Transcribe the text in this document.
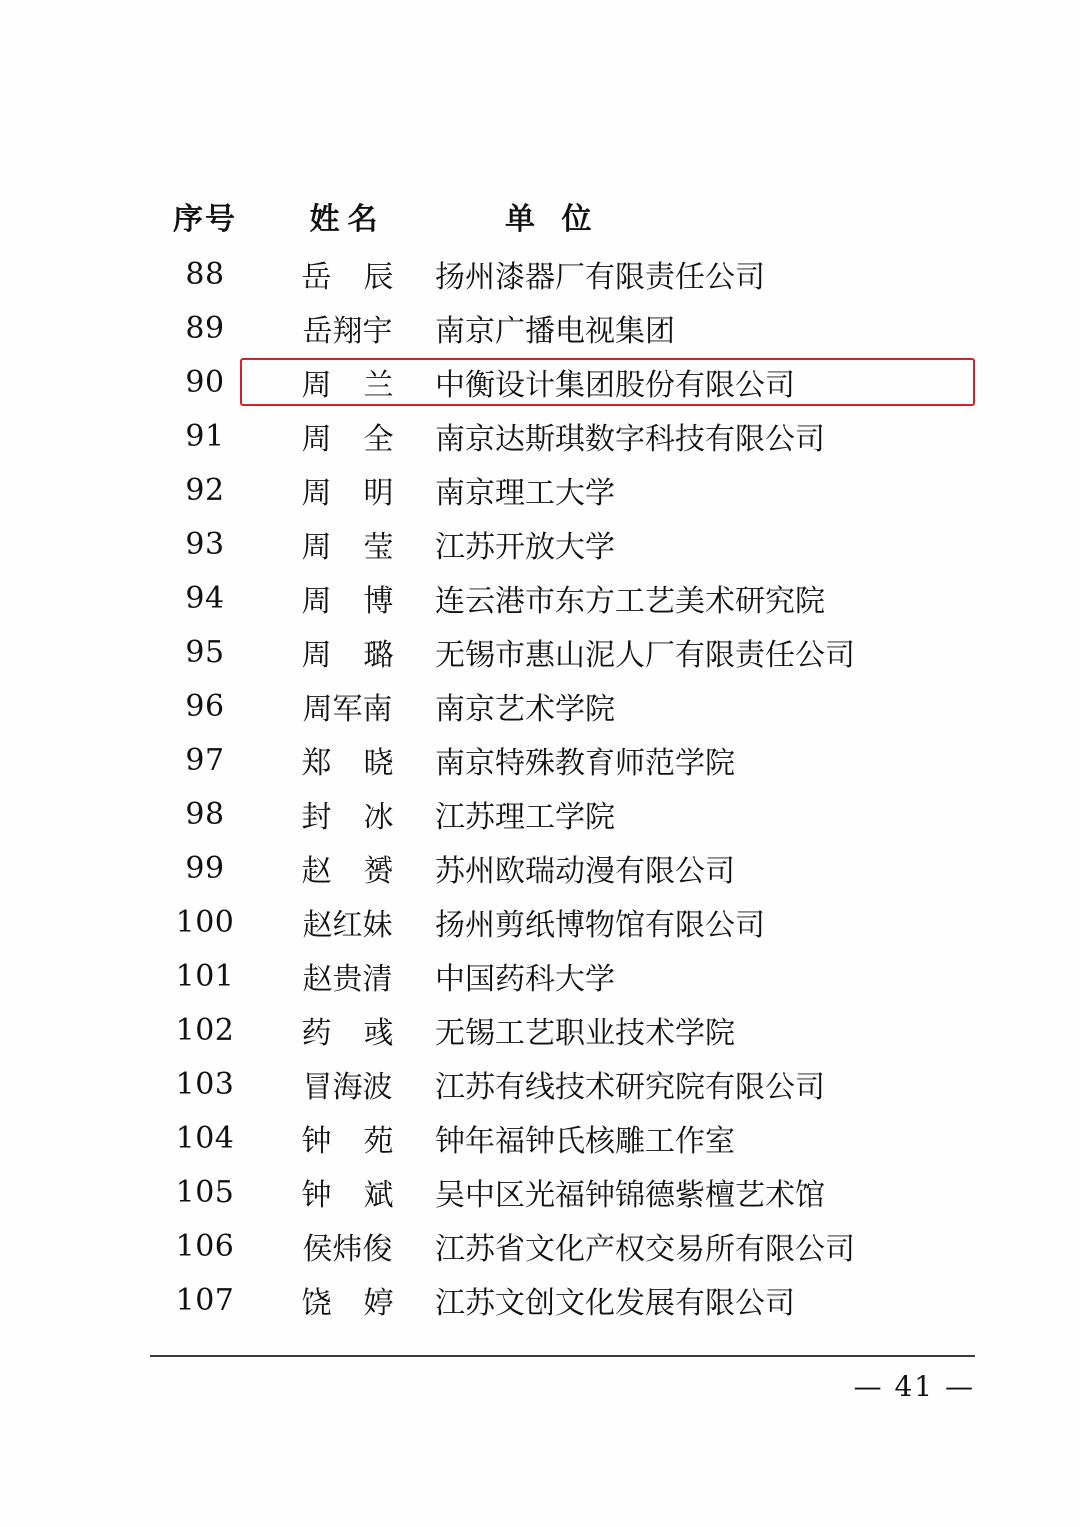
序号	姓名	单 位
88	岳辰	扬州漆器厂有限责任公司
89	岳翔宇	南京广播电视集团
90	周兰	中衡设计集团股份有限公司
91	周全	南京达斯琪数字科技有限公司
92	周明	南京理工大学
93	周莹	江苏开放大学
94	周博	连云港市东方工艺美术研究院
95	周璐	无锡市惠山泥人厂有限责任公司
96	周军南	南京艺术学院
97	郑晓	南京特殊教育师范学院
98	封冰	江苏理工学院
99	赵赟	苏州欧瑞动漫有限公司
100	赵红妹	扬州剪纸博物馆有限公司
101	赵贵清	中国药科大学
102	药彧	无锡工艺职业技术学院
103	冒海波	江苏有线技术研究院有限公司
104	钟苑	钟年福钟氏核雕工作室
105	钟斌	吴中区光福钟锦德紫檀艺术馆
106	侯炜俊	江苏省文化产权交易所有限公司
107	饶婷	江苏文创文化发展有限公司
— 41 —
